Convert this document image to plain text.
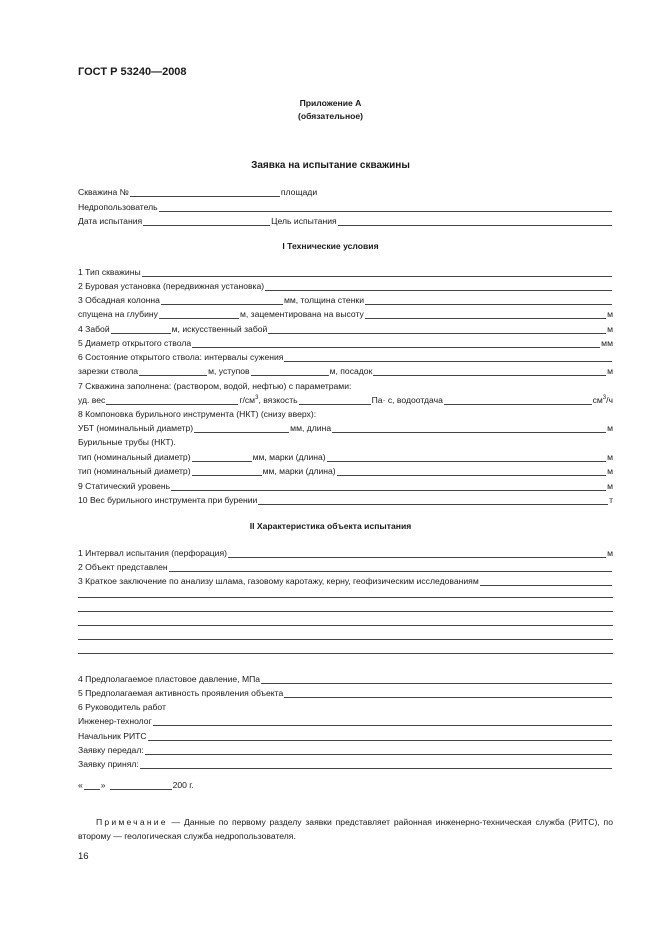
ГОСТ Р 53240—2008
Приложение А
(обязательное)
Заявка на испытание скважины
Скважина №	площади
Недропользователь
Дата испытания	Цель испытания
I Технические условия
1 Тип скважины
2 Буровая установка (передвижная установка)
3 Обсадная колонна	мм, толщина стенки
спущена на глубину	м, зацементирована на высоту	м
4 Забой	м, искусственный забой	м
5 Диаметр открытого ствола	мм
6 Состояние открытого ствола: интервалы сужения
зарезки ствола	м, уступов	м, посадок	м
7 Скважина заполнена: (раствором, водой, нефтью) с параметрами:
уд. вес	$г/см^3$ , вязкость	Па· с, водоотдача	$см^3/ч$
8 Компоновка бурильного инструмента (НКТ) (снизу вверх):
УБТ (номинальный диаметр)	мм, длина	м
Бурильные трубы (НКТ).
тип (номинальный диаметр)	мм, марки (длина)	м
тип (номинальный диаметр)	мм, марки (длина)	м
9 Статический уровень	м
10 Вес бурильного инструмента при бурении	т
II Характеристика объекта испытания
1 Интервал испытания (перфорация)	м
2 Объект представлен
3 Краткое заключение по анализу шлама, газовому каротажу, керну, геофизическим исследованиям
4 Предполагаемое пластовое давление, МПа
5 Предполагаемая активность проявления объекта
6 Руководитель работ
Инженер-технолог
Начальник РИТС
Заявку передал:
Заявку принял:
« »	200 г.
Примечание — Данные по первому разделу заявки представляет районная инженерно-техническая служба (РИТС), по второму — геологическая служба недропользователя.
16
